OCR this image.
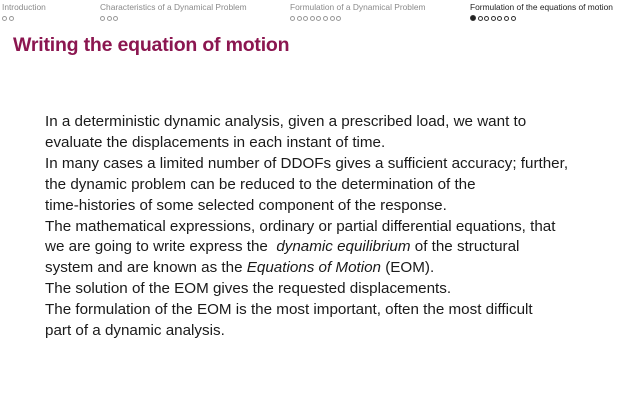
Introduction	Characteristics of a Dynamical Problem	Formulation of a Dynamical Problem	Formulation of the equations of motion
Writing the equation of motion
In a deterministic dynamic analysis, given a prescribed load, we want to
evaluate the displacements in each instant of time.
In many cases a limited number of DDOFs gives a sufficient accuracy; further,
the dynamic problem can be reduced to the determination of the
time-histories of some selected component of the response.
The mathematical expressions, ordinary or partial differential equations, that
we are going to write express the  dynamic equilibrium of the structural
system and are known as the Equations of Motion (EOM).
The solution of the EOM gives the requested displacements.
The formulation of the EOM is the most important, often the most difficult
part of a dynamic analysis.
